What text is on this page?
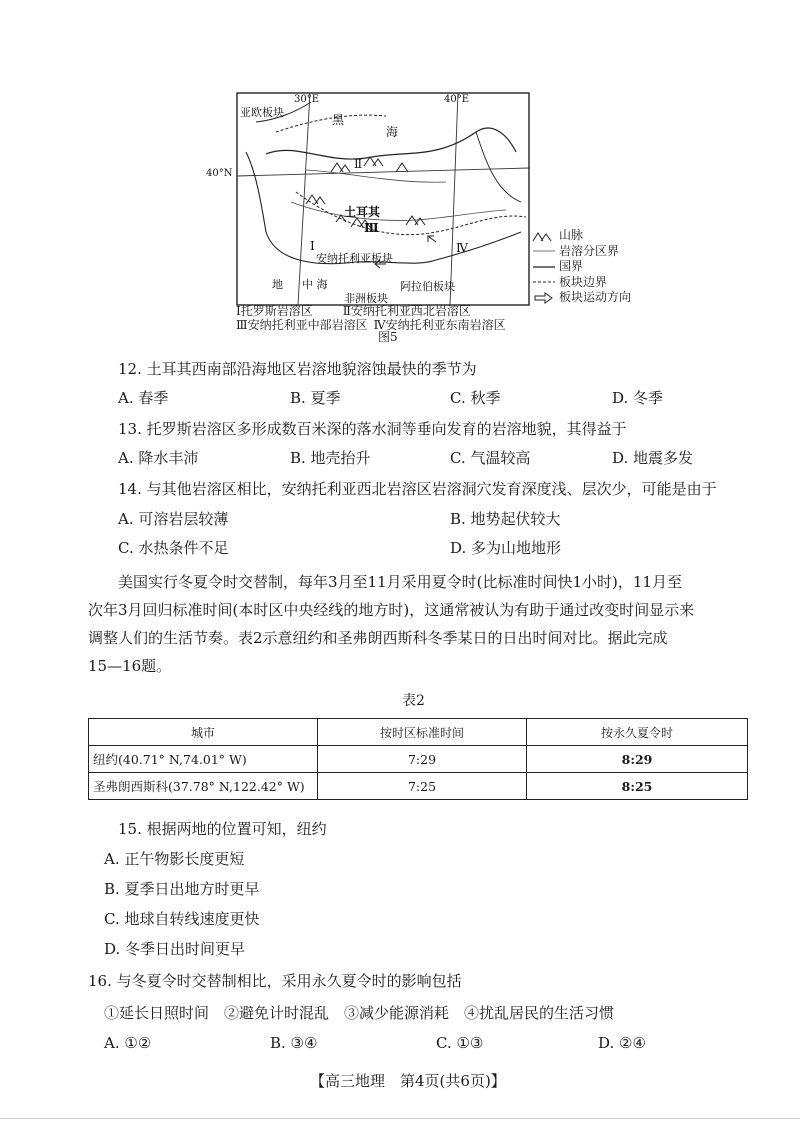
30°E	40°E
40°N
亚欧板块
黑
海
Ⅱ
土耳其
Ⅲ
Ⅰ	Ⅳ
安纳托利亚板块
地 中 海	阿拉伯板块
非洲板块
山脉
岩溶分区界
国界
板块边界
板块运动方向
Ⅰ托罗斯岩溶区	Ⅱ安纳托利亚西北岩溶区
Ⅲ安纳托利亚中部岩溶区 Ⅳ安纳托利亚东南岩溶区
图5
12. 土耳其西南部沿海地区岩溶地貌溶蚀最快的季节为
A. 春季	B. 夏季	C. 秋季	D. 冬季
13. 托罗斯岩溶区多形成数百米深的落水洞等垂向发育的岩溶地貌，其得益于
A. 降水丰沛	B. 地壳抬升	C. 气温较高	D. 地震多发
14. 与其他岩溶区相比，安纳托利亚西北岩溶区岩溶洞穴发育深度浅、层次少，可能是由于
A. 可溶岩层较薄	B. 地势起伏较大
C. 水热条件不足	D. 多为山地地形
美国实行冬夏令时交替制，每年3月至11月采用夏令时(比标准时间快1小时)，11月至
次年3月回归标准时间(本时区中央经线的地方时)，这通常被认为有助于通过改变时间显示来
调整人们的生活节奏。表2示意纽约和圣弗朗西斯科冬季某日的日出时间对比。据此完成
15—16题。
表2
城市	按时区标准时间	按永久夏令时
纽约(40.71° N,74.01° W)	7:29	8:29
圣弗朗西斯科(37.78° N,122.42° W)	7:25	8:25
15. 根据两地的位置可知，纽约
A. 正午物影长度更短
B. 夏季日出地方时更早
C. 地球自转线速度更快
D. 冬季日出时间更早
16. 与冬夏令时交替制相比，采用永久夏令时的影响包括
①延长日照时间　②避免计时混乱　③减少能源消耗　④扰乱居民的生活习惯
A. ①②	B. ③④	C. ①③	D. ②④
【高三地理　第4页(共6页)】
